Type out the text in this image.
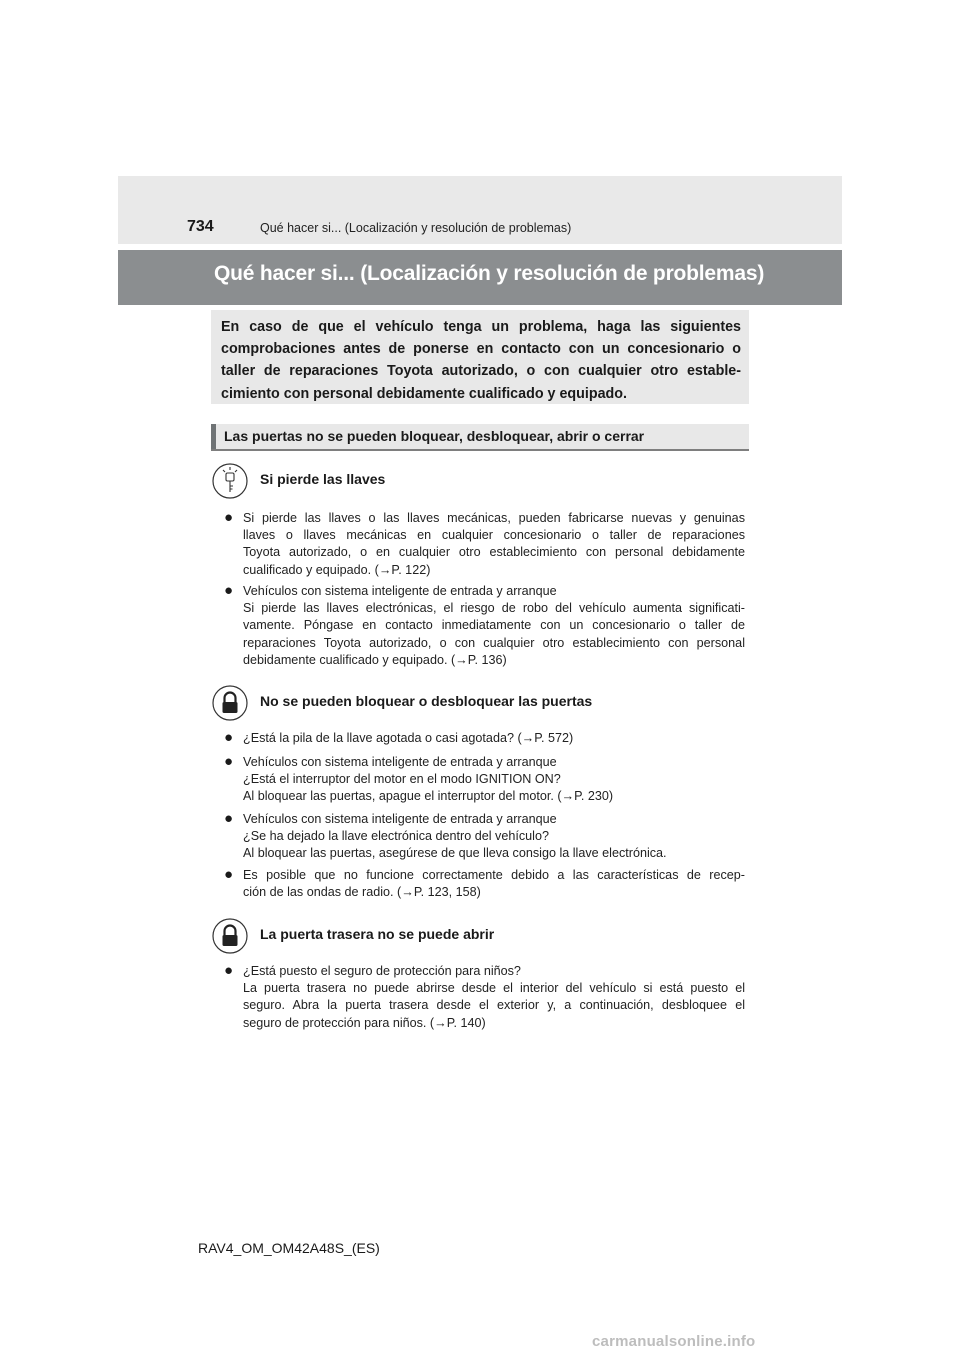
734	Qué hacer si... (Localización y resolución de problemas)
Qué hacer si... (Localización y resolución de problemas)
En caso de que el vehículo tenga un problema, haga las siguientes
comprobaciones antes de ponerse en contacto con un concesionario o
taller de reparaciones Toyota autorizado, o con cualquier otro estable-
cimiento con personal debidamente cualificado y equipado.
Las puertas no se pueden bloquear, desbloquear, abrir o cerrar
Si pierde las llaves
● Si pierde las llaves o las llaves mecánicas, pueden fabricarse nuevas y genuinas
llaves o llaves mecánicas en cualquier concesionario o taller de reparaciones
Toyota autorizado, o en cualquier otro establecimiento con personal debidamente
cualificado y equipado. (→P. 122)
● Vehículos con sistema inteligente de entrada y arranque
Si pierde las llaves electrónicas, el riesgo de robo del vehículo aumenta significati-
vamente. Póngase en contacto inmediatamente con un concesionario o taller de
reparaciones Toyota autorizado, o con cualquier otro establecimiento con personal
debidamente cualificado y equipado. (→P. 136)
No se pueden bloquear o desbloquear las puertas
● ¿Está la pila de la llave agotada o casi agotada? (→P. 572)
● Vehículos con sistema inteligente de entrada y arranque
¿Está el interruptor del motor en el modo IGNITION ON?
Al bloquear las puertas, apague el interruptor del motor. (→P. 230)
● Vehículos con sistema inteligente de entrada y arranque
¿Se ha dejado la llave electrónica dentro del vehículo?
Al bloquear las puertas, asegúrese de que lleva consigo la llave electrónica.
● Es posible que no funcione correctamente debido a las características de recep-
ción de las ondas de radio. (→P. 123, 158)
La puerta trasera no se puede abrir
● ¿Está puesto el seguro de protección para niños?
La puerta trasera no puede abrirse desde el interior del vehículo si está puesto el
seguro. Abra la puerta trasera desde el exterior y, a continuación, desbloquee el
seguro de protección para niños. (→P. 140)
RAV4_OM_OM42A48S_(ES)
carmanualsonline.info
